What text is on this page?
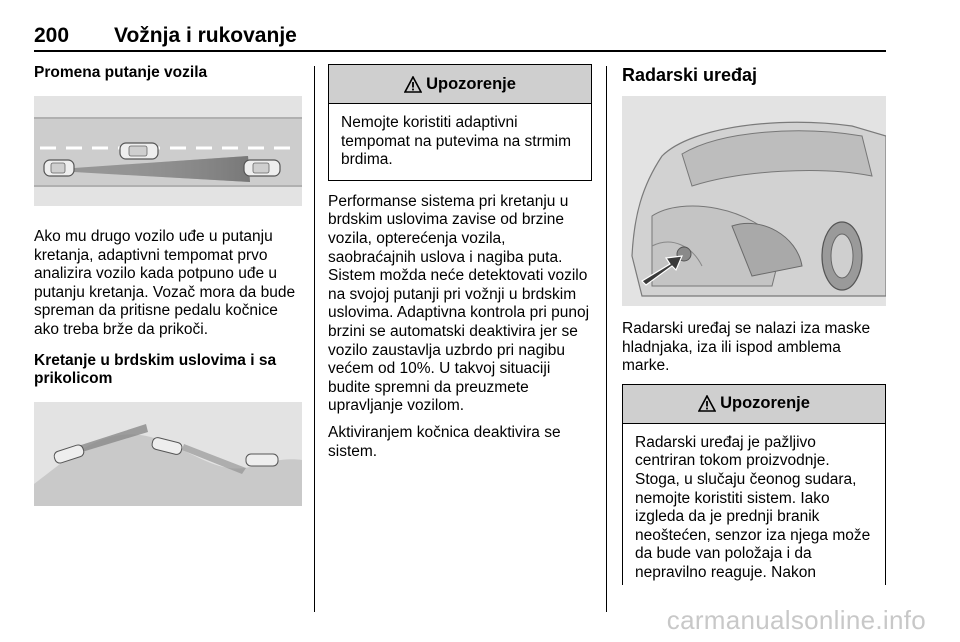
200 Vožnja i rukovanje
Promena putanje vozila

Ako mu drugo vozilo uđe u putanju kretanja, adaptivni tempomat prvo analizira vozilo kada potpuno uđe u putanju kretanja. Vozač mora da bude spreman da pritisne pedalu kočnice ako treba brže da prikoči.

Kretanje u brdskim uslovima i sa prikolicom
Upozorenje
Nemojte koristiti adaptivni tempomat na putevima na strmim brdima.

Performanse sistema pri kretanju u brdskim uslovima zavise od brzine vozila, opterećenja vozila, saobraćajnih uslova i nagiba puta. Sistem možda neće detektovati vozilo na svojoj putanji pri vožnji u brdskim uslovima. Adaptivna kontrola pri punoj brzini se automatski deaktivira jer se vozilo zaustavlja uzbrdo pri nagibu većem od 10%. U takvoj situaciji budite spremni da preuzmete upravljanje vozilom.

Aktiviranjem kočnica deaktivira se sistem.

Radarski uređaj

Radarski uređaj se nalazi iza maske hladnjaka, iza ili ispod amblema marke.

Upozorenje
Radarski uređaj je pažljivo centriran tokom proizvodnje. Stoga, u slučaju čeonog sudara, nemojte koristiti sistem. Iako izgleda da je prednji branik neoštećen, senzor iza njega može da bude van položaja i da nepravilno reaguje. Nakon
carmanualsonline.info
